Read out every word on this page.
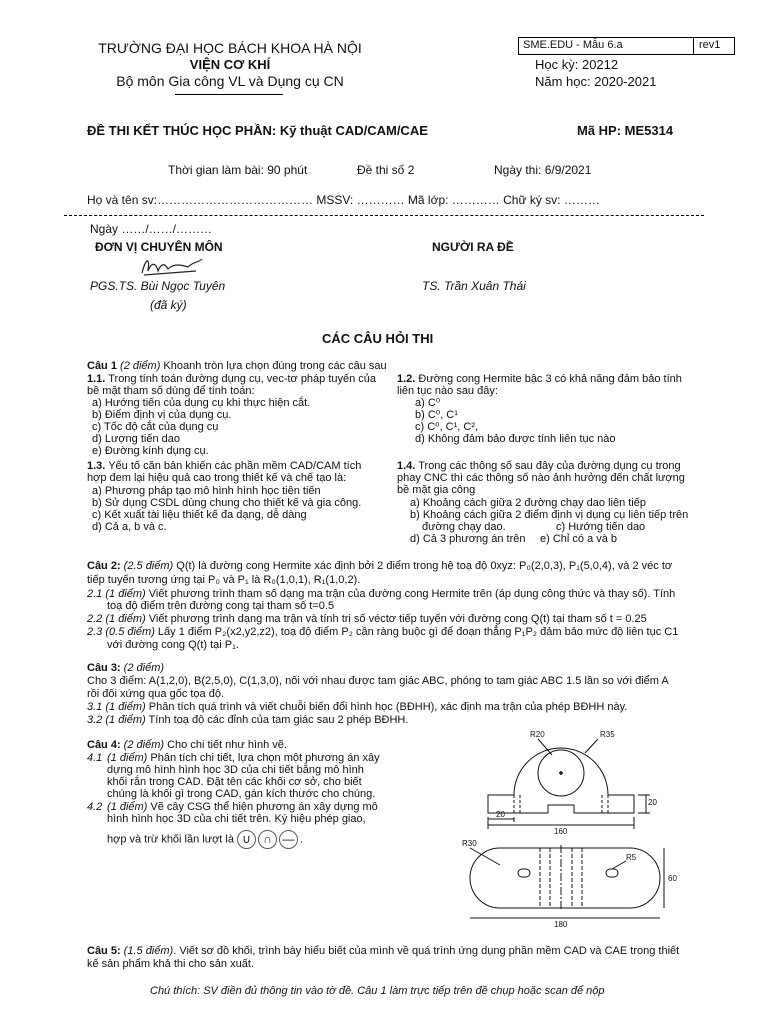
TRƯỜNG ĐẠI HỌC BÁCH KHOA HÀ NỘI
VIỆN CƠ KHÍ
Bộ môn Gia công VL và Dụng cụ CN
SME.EDU - Mẫu 6.a	rev1
Học kỳ: 20212
Năm học: 2020-2021
ĐỀ THI KẾT THÚC HỌC PHẦN: Kỹ thuật CAD/CAM/CAE	Mã HP: ME5314
Thời gian làm bài: 90 phút	Đề thi số 2	Ngày thi: 6/9/2021
Họ và tên sv:………………………………… MSSV: ………… Mã lớp: ………… Chữ ký sv: ………
Ngày ……/……/………
ĐƠN VỊ CHUYÊN MÔN	NGƯỜI RA ĐỀ
PGS.TS. Bùi Ngọc Tuyên
(đã ký)
TS. Trần Xuân Thái
CÁC CÂU HỎI THI
Câu 1 (2 điểm) Khoanh tròn lựa chọn đúng trong các câu sau
1.1. Trong tính toán đường dụng cụ, vec-tơ pháp tuyến của
bề mặt tham số dùng để tính toán:
a) Hướng tiến của dụng cụ khi thực hiện cắt.
b) Điểm định vị của dụng cụ.
c) Tốc độ cắt của dụng cụ
d) Lượng tiến dao
e) Đường kính dụng cụ.
1.2. Đường cong Hermite bậc 3 có khả năng đảm bảo tính
liên tục nào sau đây:
a) C⁰
b) C⁰, C¹
c) C⁰, C¹, C²,
d) Không đảm bảo được tính liên tục nào
1.3. Yếu tố căn bản khiến các phần mềm CAD/CAM tích
hợp đem lại hiệu quả cao trong thiết kế và chế tạo là:
a) Phương pháp tạo mô hình hình học tiên tiến
b) Sử dụng CSDL dùng chung cho thiết kế và gia công.
c) Kết xuất tài liệu thiết kế đa dạng, dễ dàng
d) Cả a, b và c.
1.4. Trong các thông số sau đây của đường dụng cụ trong
phay CNC thì các thông số nào ảnh hưởng đến chất lượng
bề mặt gia công
a) Khoảng cách giữa 2 đường chạy dao liên tiếp
b) Khoảng cách giữa 2 điểm định vị dụng cụ liên tiếp trên
đường chạy dao.	c) Hướng tiến dao
d) Cả 3 phương án trên e) Chỉ có a và b
Câu 2: (2.5 điểm) Q(t) là đường cong Hermite xác định bởi 2 điểm trong hệ toạ độ 0xyz: P₀(2,0,3), P₁(5,0,4), và 2 véc tơ
tiếp tuyến tương ứng tại P₀ và P₁ là R₀(1,0,1), R₁(1,0,2).
2.1 (1 điểm) Viết phương trình tham số dạng ma trận của đường cong Hermite trên (áp dụng công thức và thay số). Tính
toạ độ điểm trên đường cong tại tham số t=0.5
2.2 (1 điểm) Viết phương trình dạng ma trận và tính trị số véctơ tiếp tuyến với đường cong Q(t) tại tham số t = 0.25
2.3 (0.5 điểm) Lấy 1 điểm P₂(x2,y2,z2), toạ độ điểm P₂ cần ràng buộc gì để đoạn thẳng P₁P₂ đảm bảo mức độ liên tục C1
với đường cong Q(t) tại P₁.
Câu 3: (2 điểm)
Cho 3 điểm: A(1,2,0), B(2,5,0), C(1,3,0), nối với nhau được tam giác ABC, phóng to tam giác ABC 1.5 lần so với điểm A
rồi đối xứng qua gốc tọa độ.
3.1 (1 điểm) Phân tích quá trình và viết chuỗi biến đổi hình học (BĐHH), xác định ma trận của phép BĐHH này.
3.2 (1 điểm) Tính toạ độ các đỉnh của tam giác sau 2 phép BĐHH.
Câu 4: (2 điểm) Cho chi tiết như hình vẽ.
4.1 (1 điểm) Phân tích chi tiết, lựa chọn một phương án xây
dựng mô hình hình học 3D của chi tiết bằng mô hình
khối rắn trong CAD. Đặt tên các khối cơ sở, cho biết
chúng là khối gì trong CAD, gán kích thước cho chúng.
4.2 (1 điểm) Vẽ cây CSG thể hiện phương án xây dựng mô
hình hình học 3D của chi tiết trên. Ký hiệu phép giao,
hợp và trừ khối lần lượt là ∪ ∩ — .
R20	R35
20
20
160
R30
R5
60
180
Câu 5: (1.5 điểm). Viết sơ đồ khối, trình bày hiểu biết của mình về quá trình ứng dụng phần mềm CAD và CAE trong thiết
kế sản phẩm khả thi cho sản xuất.
Chú thích: SV điền đủ thông tin vào tờ đề. Câu 1 làm trực tiếp trên đề chụp hoặc scan để nộp
